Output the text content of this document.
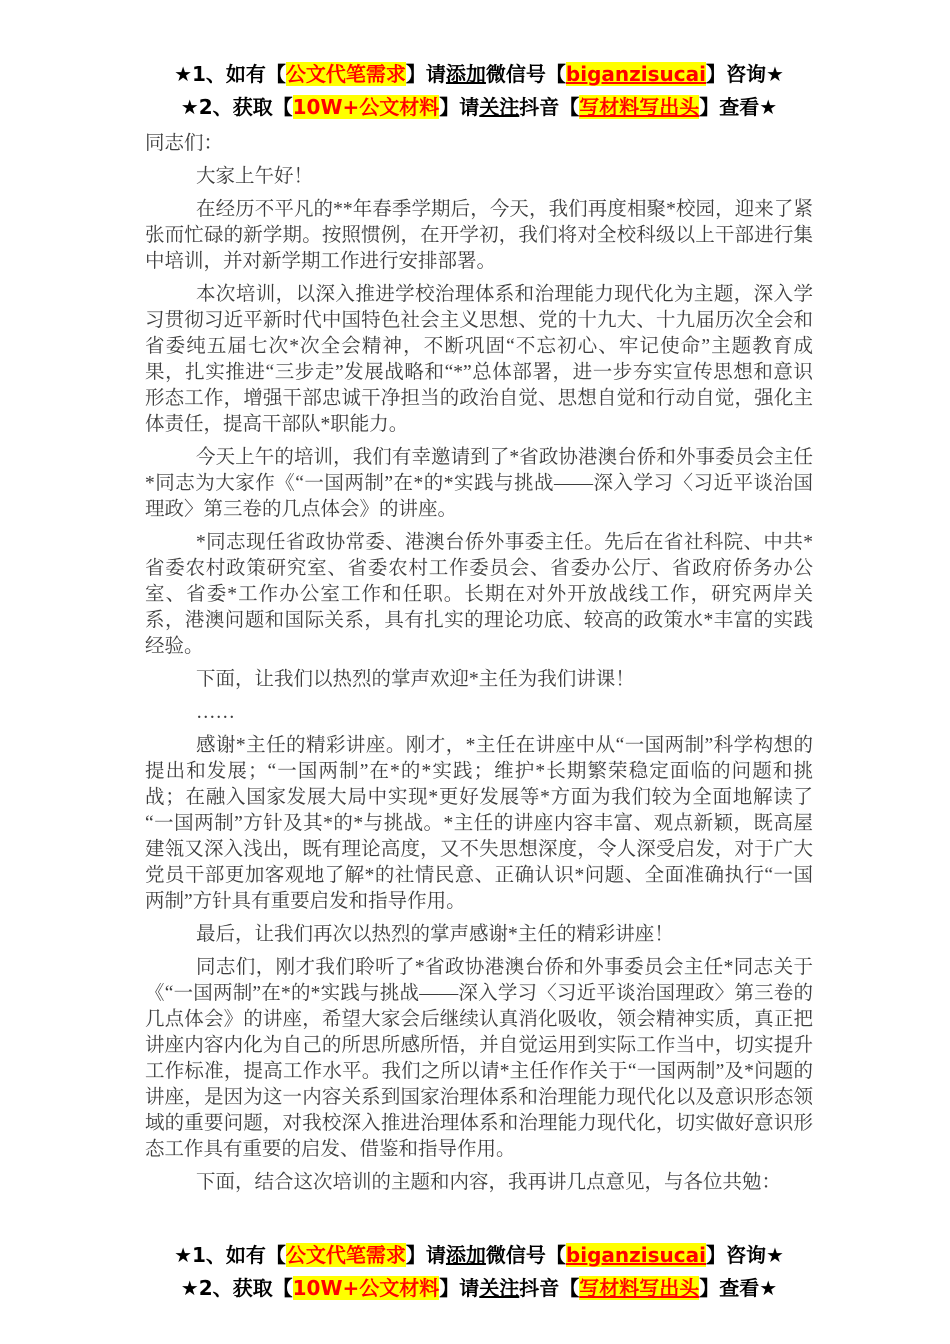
★1、如有【公文代笔需求】请添加微信号【biganzisucai】咨询★
★2、获取【10W+公文材料】请关注抖音【写材料写出头】查看★

同志们：

大家上午好！

在经历不平凡的**年春季学期后，今天，我们再度相聚*校园，迎来了紧张而忙碌的新学期。按照惯例，在开学初，我们将对全校科级以上干部进行集中培训，并对新学期工作进行安排部署。

本次培训，以深入推进学校治理体系和治理能力现代化为主题，深入学习贯彻习近平新时代中国特色社会主义思想、党的十九大、十九届历次全会和省委纯五届七次*次全会精神，不断巩固“不忘初心、牢记使命”主题教育成果，扎实推进“三步走”发展战略和“*”总体部署，进一步夯实宣传思想和意识形态工作，增强干部忠诚干净担当的政治自觉、思想自觉和行动自觉，强化主体责任，提高干部队*职能力。

今天上午的培训，我们有幸邀请到了*省政协港澳台侨和外事委员会主任*同志为大家作《“一国两制”在*的*实践与挑战——深入学习〈习近平谈治国理政〉第三卷的几点体会》的讲座。

*同志现任省政协常委、港澳台侨外事委主任。先后在省社科院、中共*省委农村政策研究室、省委农村工作委员会、省委办公厅、省政府侨务办公室、省委*工作办公室工作和任职。长期在对外开放战线工作，研究两岸关系，港澳问题和国际关系，具有扎实的理论功底、较高的政策水*丰富的实践经验。

下面，让我们以热烈的掌声欢迎*主任为我们讲课！

……

感谢*主任的精彩讲座。刚才，*主任在讲座中从“一国两制”科学构想的提出和发展；“一国两制”在*的*实践；维护*长期繁荣稳定面临的问题和挑战；在融入国家发展大局中实现*更好发展等*方面为我们较为全面地解读了“一国两制”方针及其*的*与挑战。*主任的讲座内容丰富、观点新颖，既高屋建瓴又深入浅出，既有理论高度，又不失思想深度，令人深受启发，对于广大党员干部更加客观地了解*的社情民意、正确认识*问题、全面准确执行“一国两制”方针具有重要启发和指导作用。

最后，让我们再次以热烈的掌声感谢*主任的精彩讲座！

同志们，刚才我们聆听了*省政协港澳台侨和外事委员会主任*同志关于《“一国两制”在*的*实践与挑战——深入学习〈习近平谈治国理政〉第三卷的几点体会》的讲座，希望大家会后继续认真消化吸收，领会精神实质，真正把讲座内容内化为自己的所思所感所悟，并自觉运用到实际工作当中，切实提升工作标准，提高工作水平。我们之所以请*主任作作关于“一国两制”及*问题的讲座，是因为这一内容关系到国家治理体系和治理能力现代化以及意识形态领域的重要问题，对我校深入推进治理体系和治理能力现代化，切实做好意识形态工作具有重要的启发、借鉴和指导作用。

下面，结合这次培训的主题和内容，我再讲几点意见，与各位共勉：

★1、如有【公文代笔需求】请添加微信号【biganzisucai】咨询★
★2、获取【10W+公文材料】请关注抖音【写材料写出头】查看★
